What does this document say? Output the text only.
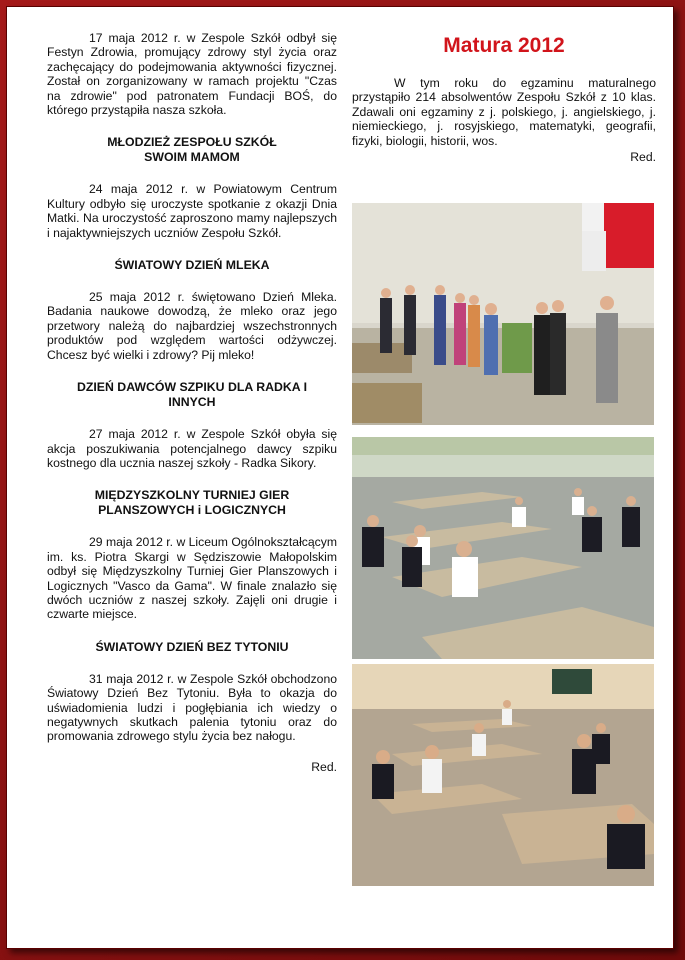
17 maja 2012 r. w Zespole Szkół odbył się Festyn Zdrowia, promujący zdrowy styl życia oraz zachęcający do podejmowania aktywności fizycznej. Został on zorganizowany w ramach projektu "Czas na zdrowie" pod patronatem Fundacji BOŚ, do którego przystąpiła nasza szkoła.

MŁODZIEŻ ZESPOŁU SZKÓŁ
SWOIM MAMOM

24 maja 2012 r. w Powiatowym Centrum Kultury odbyło się uroczyste spotkanie z okazji Dnia Matki. Na uroczystość zaproszono mamy najlepszych i najaktywniejszych uczniów Zespołu Szkół.

ŚWIATOWY DZIEŃ MLEKA

25 maja 2012 r. świętowano Dzień Mleka. Badania naukowe dowodzą, że mleko oraz jego przetwory należą do najbardziej wszechstronnych produktów pod względem wartości odżywczej. Chcesz być wielki i zdrowy? Pij mleko!

DZIEŃ DAWCÓW SZPIKU DLA RADKA I
INNYCH

27 maja 2012 r. w Zespole Szkół obyła się akcja poszukiwania potencjalnego dawcy szpiku kostnego dla ucznia naszej szkoły - Radka Sikory.

MIĘDZYSZKOLNY TURNIEJ GIER
PLANSZOWYCH i LOGICZNYCH

29 maja 2012 r. w Liceum Ogólnokształcącym im. ks. Piotra Skargi w Sędziszowie Małopolskim odbył się Międzyszkolny Turniej Gier Planszowych i Logicznych "Vasco da Gama". W finale znalazło się dwóch uczniów z naszej szkoły. Zajęli oni drugie i czwarte miejsce.

ŚWIATOWY DZIEŃ BEZ TYTONIU

31 maja 2012 r. w Zespole Szkół obchodzono Światowy Dzień Bez Tytoniu. Była to okazja do uświadomienia ludzi i pogłębiania ich wiedzy o negatywnych skutkach palenia tytoniu oraz do promowania zdrowego stylu życia bez nałogu.

Red.
Matura 2012

W tym roku do egzaminu maturalnego przystąpiło 214 absolwentów Zespołu Szkół z 10 klas. Zdawali oni egzaminy z j. polskiego, j. angielskiego, j. niemieckiego, j. rosyjskiego, matematyki, geografii, fizyki, biologii, historii, wos.

Red.
